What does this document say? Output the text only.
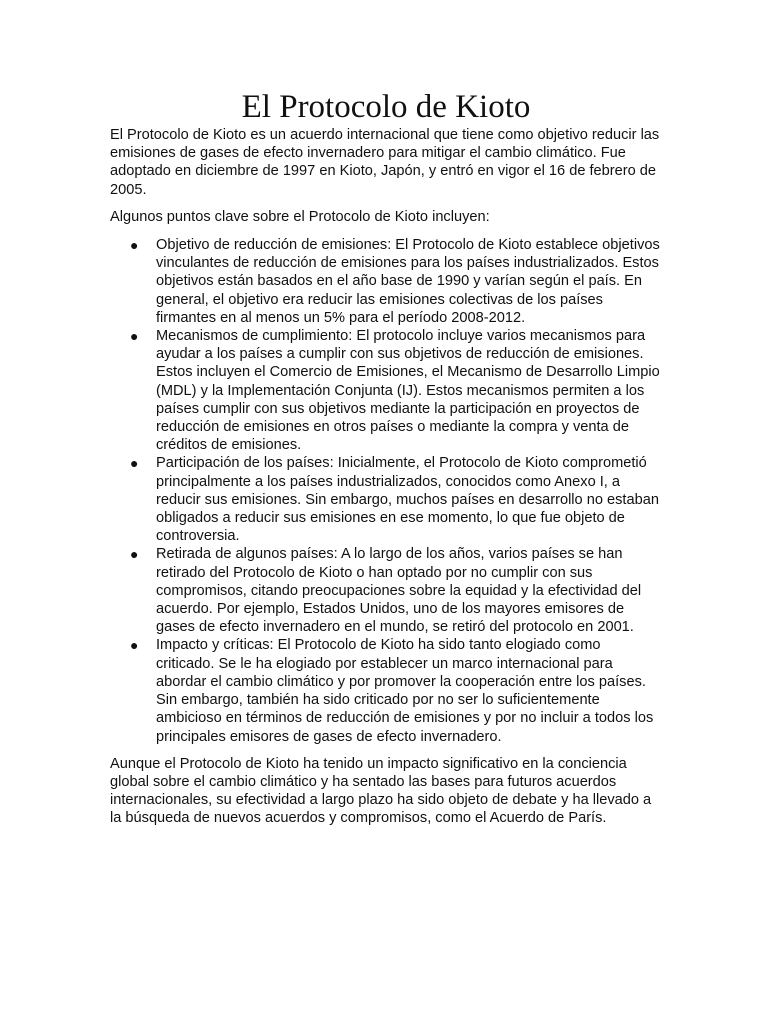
El Protocolo de Kioto

El Protocolo de Kioto es un acuerdo internacional que tiene como objetivo reducir las emisiones de gases de efecto invernadero para mitigar el cambio climático. Fue adoptado en diciembre de 1997 en Kioto, Japón, y entró en vigor el 16 de febrero de 2005.

Algunos puntos clave sobre el Protocolo de Kioto incluyen:

● Objetivo de reducción de emisiones: El Protocolo de Kioto establece objetivos vinculantes de reducción de emisiones para los países industrializados. Estos objetivos están basados en el año base de 1990 y varían según el país. En general, el objetivo era reducir las emisiones colectivas de los países firmantes en al menos un 5% para el período 2008-2012.
● Mecanismos de cumplimiento: El protocolo incluye varios mecanismos para ayudar a los países a cumplir con sus objetivos de reducción de emisiones. Estos incluyen el Comercio de Emisiones, el Mecanismo de Desarrollo Limpio (MDL) y la Implementación Conjunta (IJ). Estos mecanismos permiten a los países cumplir con sus objetivos mediante la participación en proyectos de reducción de emisiones en otros países o mediante la compra y venta de créditos de emisiones.
● Participación de los países: Inicialmente, el Protocolo de Kioto comprometió principalmente a los países industrializados, conocidos como Anexo I, a reducir sus emisiones. Sin embargo, muchos países en desarrollo no estaban obligados a reducir sus emisiones en ese momento, lo que fue objeto de controversia.
● Retirada de algunos países: A lo largo de los años, varios países se han retirado del Protocolo de Kioto o han optado por no cumplir con sus compromisos, citando preocupaciones sobre la equidad y la efectividad del acuerdo. Por ejemplo, Estados Unidos, uno de los mayores emisores de gases de efecto invernadero en el mundo, se retiró del protocolo en 2001.
● Impacto y críticas: El Protocolo de Kioto ha sido tanto elogiado como criticado. Se le ha elogiado por establecer un marco internacional para abordar el cambio climático y por promover la cooperación entre los países. Sin embargo, también ha sido criticado por no ser lo suficientemente ambicioso en términos de reducción de emisiones y por no incluir a todos los principales emisores de gases de efecto invernadero.

Aunque el Protocolo de Kioto ha tenido un impacto significativo en la conciencia global sobre el cambio climático y ha sentado las bases para futuros acuerdos internacionales, su efectividad a largo plazo ha sido objeto de debate y ha llevado a la búsqueda de nuevos acuerdos y compromisos, como el Acuerdo de París.
